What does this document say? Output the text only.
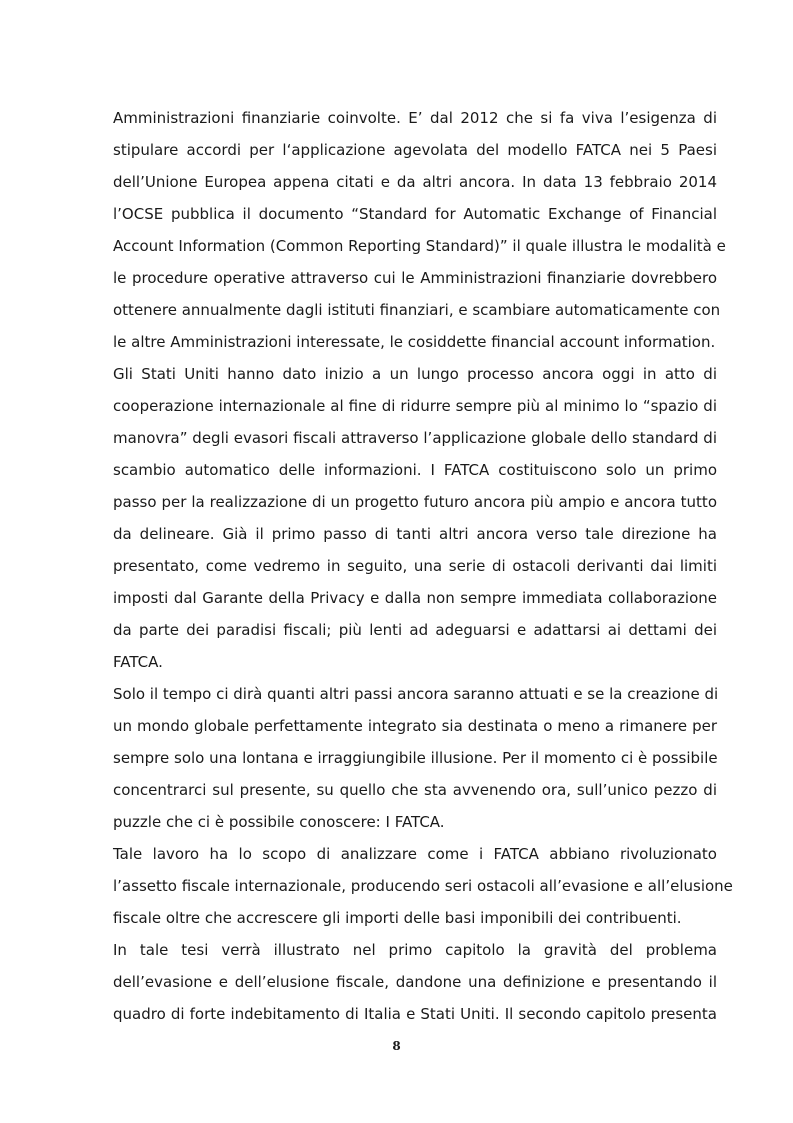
Amministrazioni finanziarie coinvolte. E’ dal 2012 che si fa viva l’esigenza di
stipulare accordi per l‘applicazione agevolata del modello FATCA nei 5 Paesi
dell’Unione Europea appena citati e da altri ancora. In data 13 febbraio 2014
l’OCSE pubblica il documento “Standard for Automatic Exchange of Financial
Account Information (Common Reporting Standard)” il quale illustra le modalità e
le procedure operative attraverso cui le Amministrazioni finanziarie dovrebbero
ottenere annualmente dagli istituti finanziari, e scambiare automaticamente con
le altre Amministrazioni interessate, le cosiddette financial account information.
Gli Stati Uniti hanno dato inizio a un lungo processo ancora oggi in atto di
cooperazione internazionale al fine di ridurre sempre più al minimo lo “spazio di
manovra” degli evasori fiscali attraverso l’applicazione globale dello standard di
scambio automatico delle informazioni. I FATCA costituiscono solo un primo
passo per la realizzazione di un progetto futuro ancora più ampio e ancora tutto
da delineare. Già il primo passo di tanti altri ancora verso tale direzione ha
presentato, come vedremo in seguito, una serie di ostacoli derivanti dai limiti
imposti dal Garante della Privacy e dalla non sempre immediata collaborazione
da parte dei paradisi fiscali; più lenti ad adeguarsi e adattarsi ai dettami dei
FATCA.
Solo il tempo ci dirà quanti altri passi ancora saranno attuati e se la creazione di
un mondo globale perfettamente integrato sia destinata o meno a rimanere per
sempre solo una lontana e irraggiungibile illusione. Per il momento ci è possibile
concentrarci sul presente, su quello che sta avvenendo ora, sull’unico pezzo di
puzzle che ci è possibile conoscere: I FATCA.
Tale lavoro ha lo scopo di analizzare come i FATCA abbiano rivoluzionato
l’assetto fiscale internazionale, producendo seri ostacoli all’evasione e all’elusione
fiscale oltre che accrescere gli importi delle basi imponibili dei contribuenti.
In tale tesi verrà illustrato nel primo capitolo la gravità del problema
dell’evasione e dell’elusione fiscale, dandone una definizione e presentando il
quadro di forte indebitamento di Italia e Stati Uniti. Il secondo capitolo presenta
8
